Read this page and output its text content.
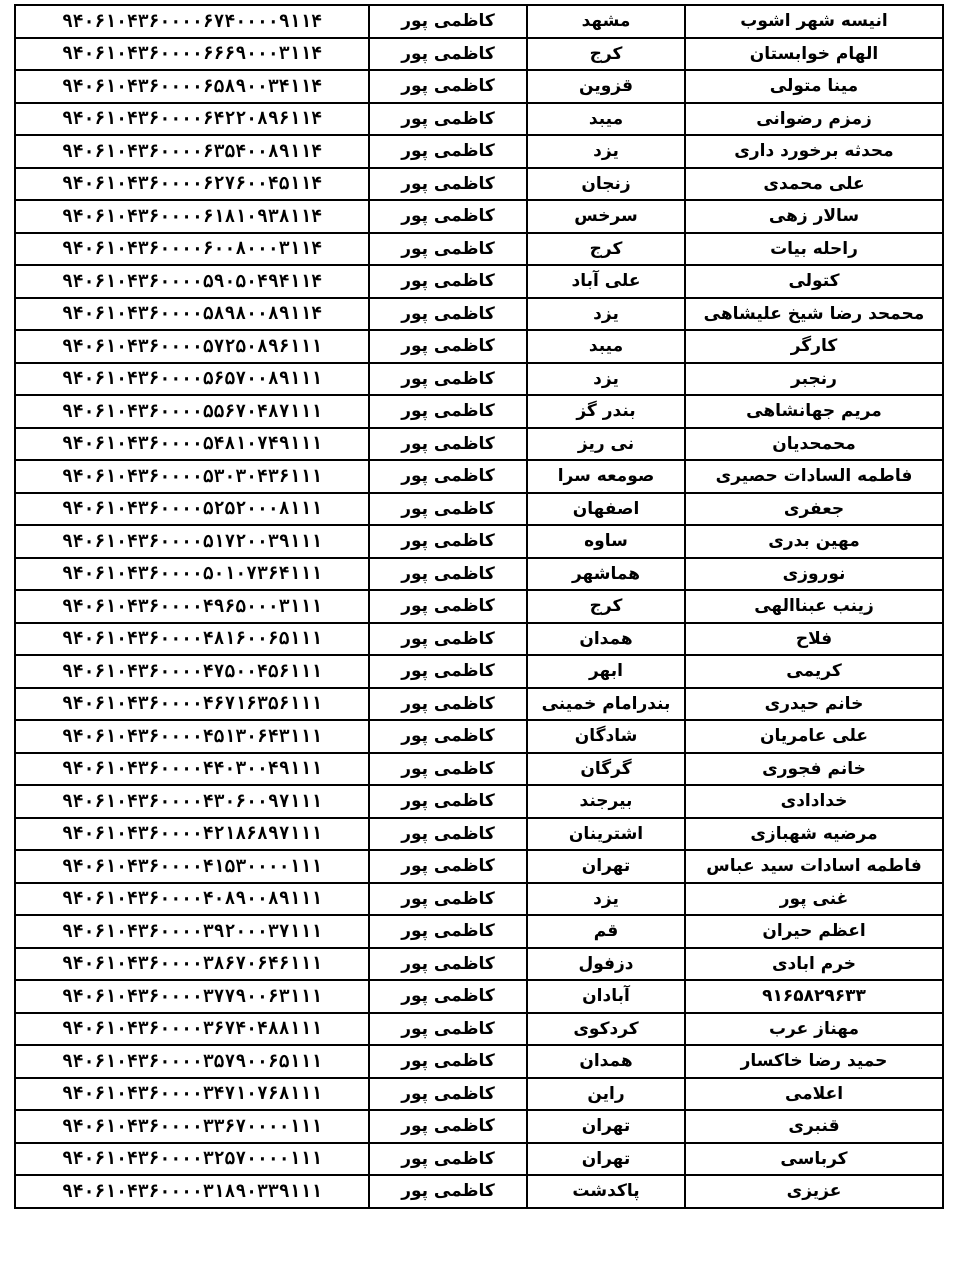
انیسه شهر اشوب	مشهد	کاظمی پور	۹۴۰۶۱۰۴۳۶۰۰۰۰۶۷۴۰۰۰۰۹۱۱۴
الهام خوابستان	کرج	کاظمی پور	۹۴۰۶۱۰۴۳۶۰۰۰۰۶۶۶۹۰۰۰۳۱۱۴
مینا متولی	قزوین	کاظمی پور	۹۴۰۶۱۰۴۳۶۰۰۰۰۶۵۸۹۰۰۳۴۱۱۴
زمزم رضوانی	میبد	کاظمی پور	۹۴۰۶۱۰۴۳۶۰۰۰۰۶۴۲۲۰۸۹۶۱۱۴
محدثه برخورد داری	یزد	کاظمی پور	۹۴۰۶۱۰۴۳۶۰۰۰۰۶۳۵۴۰۰۸۹۱۱۴
علی محمدی	زنجان	کاظمی پور	۹۴۰۶۱۰۴۳۶۰۰۰۰۶۲۷۶۰۰۴۵۱۱۴
سالار زهی	سرخس	کاظمی پور	۹۴۰۶۱۰۴۳۶۰۰۰۰۶۱۸۱۰۹۳۸۱۱۴
راحله بیات	کرج	کاظمی پور	۹۴۰۶۱۰۴۳۶۰۰۰۰۶۰۰۸۰۰۰۳۱۱۴
کتولی	علی آباد	کاظمی پور	۹۴۰۶۱۰۴۳۶۰۰۰۰۵۹۰۵۰۴۹۴۱۱۴
محمحد رضا شیخ علیشاهی	یزد	کاظمی پور	۹۴۰۶۱۰۴۳۶۰۰۰۰۵۸۹۸۰۰۸۹۱۱۴
کارگر	میبد	کاظمی پور	۹۴۰۶۱۰۴۳۶۰۰۰۰۵۷۲۵۰۸۹۶۱۱۱
رنجبر	یزد	کاظمی پور	۹۴۰۶۱۰۴۳۶۰۰۰۰۵۶۵۷۰۰۸۹۱۱۱
مریم جهانشاهی	بندر گز	کاظمی پور	۹۴۰۶۱۰۴۳۶۰۰۰۰۵۵۶۷۰۴۸۷۱۱۱
محمحدیان	نی ریز	کاظمی پور	۹۴۰۶۱۰۴۳۶۰۰۰۰۵۴۸۱۰۷۴۹۱۱۱
فاطمه السادات حصیری	صومعه سرا	کاظمی پور	۹۴۰۶۱۰۴۳۶۰۰۰۰۵۳۰۳۰۴۳۶۱۱۱
جعفری	اصفهان	کاظمی پور	۹۴۰۶۱۰۴۳۶۰۰۰۰۵۲۵۲۰۰۰۸۱۱۱
مهین بدری	ساوه	کاظمی پور	۹۴۰۶۱۰۴۳۶۰۰۰۰۵۱۷۲۰۰۳۹۱۱۱
نوروزی	هماشهر	کاظمی پور	۹۴۰۶۱۰۴۳۶۰۰۰۰۵۰۱۰۷۳۶۴۱۱۱
زینب عبناالهی	کرج	کاظمی پور	۹۴۰۶۱۰۴۳۶۰۰۰۰۴۹۶۵۰۰۰۳۱۱۱
فلاح	همدان	کاظمی پور	۹۴۰۶۱۰۴۳۶۰۰۰۰۴۸۱۶۰۰۶۵۱۱۱
کریمی	ابهر	کاظمی پور	۹۴۰۶۱۰۴۳۶۰۰۰۰۴۷۵۰۰۴۵۶۱۱۱
خانم حیدری	بندرامام خمینی	کاظمی پور	۹۴۰۶۱۰۴۳۶۰۰۰۰۴۶۷۱۶۳۵۶۱۱۱
علی عامریان	شادگان	کاظمی پور	۹۴۰۶۱۰۴۳۶۰۰۰۰۴۵۱۳۰۶۴۳۱۱۱
خانم فجوری	گرگان	کاظمی پور	۹۴۰۶۱۰۴۳۶۰۰۰۰۴۴۰۳۰۰۴۹۱۱۱
خدادادی	بیرجند	کاظمی پور	۹۴۰۶۱۰۴۳۶۰۰۰۰۴۳۰۶۰۰۹۷۱۱۱
مرضیه شهبازی	اشترینان	کاظمی پور	۹۴۰۶۱۰۴۳۶۰۰۰۰۴۲۱۸۶۸۹۷۱۱۱
فاطمه اسادات سید عباس	تهران	کاظمی پور	۹۴۰۶۱۰۴۳۶۰۰۰۰۴۱۵۳۰۰۰۰۱۱۱
غنی پور	یزد	کاظمی پور	۹۴۰۶۱۰۴۳۶۰۰۰۰۴۰۸۹۰۰۸۹۱۱۱
اعظم حیران	قم	کاظمی پور	۹۴۰۶۱۰۴۳۶۰۰۰۰۳۹۲۰۰۰۳۷۱۱۱
خرم ابادی	دزفول	کاظمی پور	۹۴۰۶۱۰۴۳۶۰۰۰۰۳۸۶۷۰۶۴۶۱۱۱
۹۱۶۵۸۲۹۶۳۳	آبادان	کاظمی پور	۹۴۰۶۱۰۴۳۶۰۰۰۰۳۷۷۹۰۰۶۳۱۱۱
مهناز عرب	کردکوی	کاظمی پور	۹۴۰۶۱۰۴۳۶۰۰۰۰۳۶۷۴۰۴۸۸۱۱۱
حمید رضا خاکسار	همدان	کاظمی پور	۹۴۰۶۱۰۴۳۶۰۰۰۰۳۵۷۹۰۰۶۵۱۱۱
اعلامی	راین	کاظمی پور	۹۴۰۶۱۰۴۳۶۰۰۰۰۳۴۷۱۰۷۶۸۱۱۱
قنبری	تهران	کاظمی پور	۹۴۰۶۱۰۴۳۶۰۰۰۰۳۳۶۷۰۰۰۰۱۱۱
کرباسی	تهران	کاظمی پور	۹۴۰۶۱۰۴۳۶۰۰۰۰۳۲۵۷۰۰۰۰۱۱۱
عزیزی	پاکدشت	کاظمی پور	۹۴۰۶۱۰۴۳۶۰۰۰۰۳۱۸۹۰۳۳۹۱۱۱
